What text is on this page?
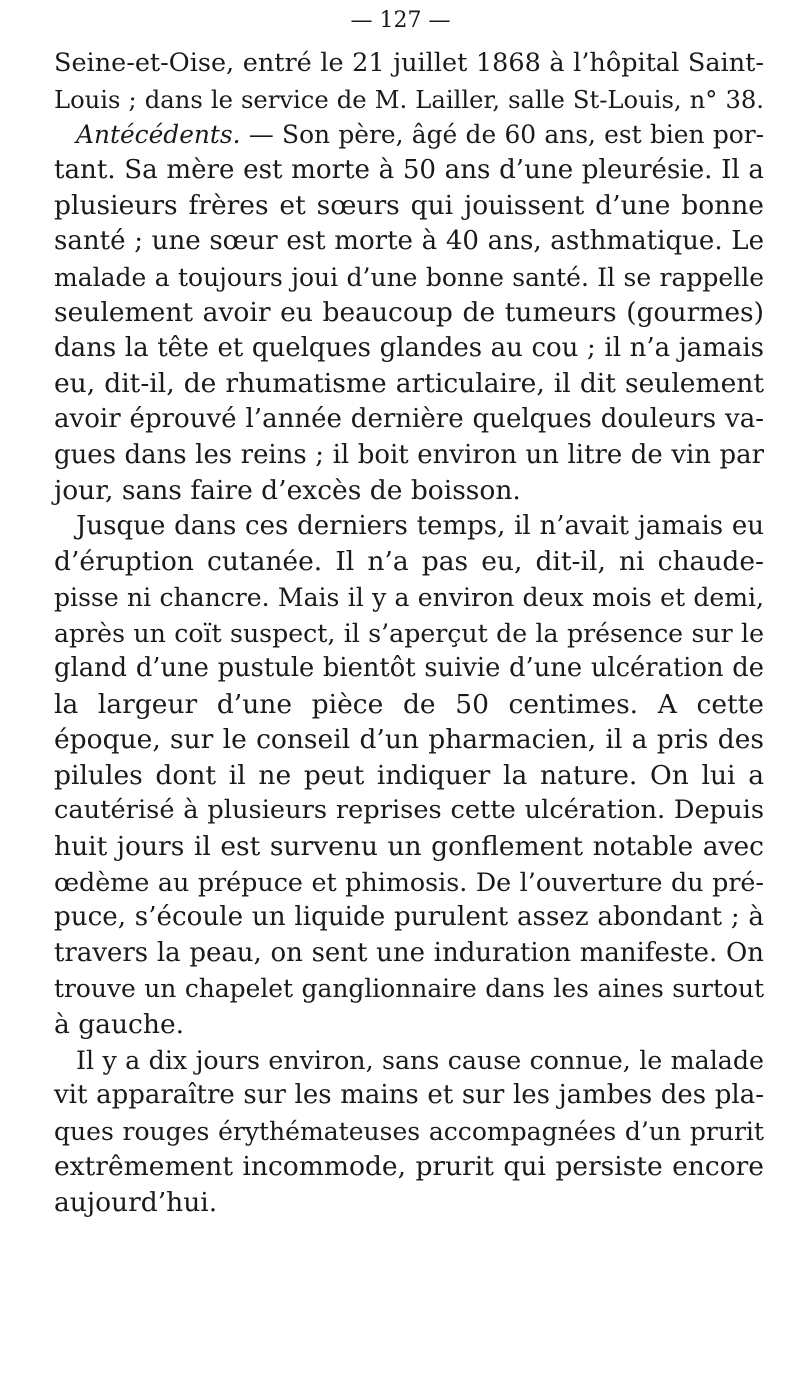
— 127 —
Seine-et-Oise, entré le 21 juillet 1868 à l’hôpital Saint-
Louis ; dans le service de M. Lailler, salle St-Louis, n° 38.
Antécédents. — Son père, âgé de 60 ans, est bien por-
tant. Sa mère est morte à 50 ans d’une pleurésie. Il a
plusieurs frères et sœurs qui jouissent d’une bonne
santé ; une sœur est morte à 40 ans, asthmatique. Le
malade a toujours joui d’une bonne santé. Il se rappelle
seulement avoir eu beaucoup de tumeurs (gourmes)
dans la tête et quelques glandes au cou ; il n’a jamais
eu, dit-il, de rhumatisme articulaire, il dit seulement
avoir éprouvé l’année dernière quelques douleurs va-
gues dans les reins ; il boit environ un litre de vin par
jour, sans faire d’excès de boisson.
Jusque dans ces derniers temps, il n’avait jamais eu
d’éruption cutanée. Il n’a pas eu, dit-il, ni chaude-
pisse ni chancre. Mais il y a environ deux mois et demi,
après un coït suspect, il s’aperçut de la présence sur le
gland d’une pustule bientôt suivie d’une ulcération de
la largeur d’une pièce de 50 centimes. A cette
époque, sur le conseil d’un pharmacien, il a pris des
pilules dont il ne peut indiquer la nature. On lui a
cautérisé à plusieurs reprises cette ulcération. Depuis
huit jours il est survenu un gonflement notable avec
œdème au prépuce et phimosis. De l’ouverture du pré-
puce, s’écoule un liquide purulent assez abondant ; à
travers la peau, on sent une induration manifeste. On
trouve un chapelet ganglionnaire dans les aines surtout
à gauche.
Il y a dix jours environ, sans cause connue, le malade
vit apparaître sur les mains et sur les jambes des pla-
ques rouges érythémateuses accompagnées d’un prurit
extrêmement incommode, prurit qui persiste encore
aujourd’hui.
